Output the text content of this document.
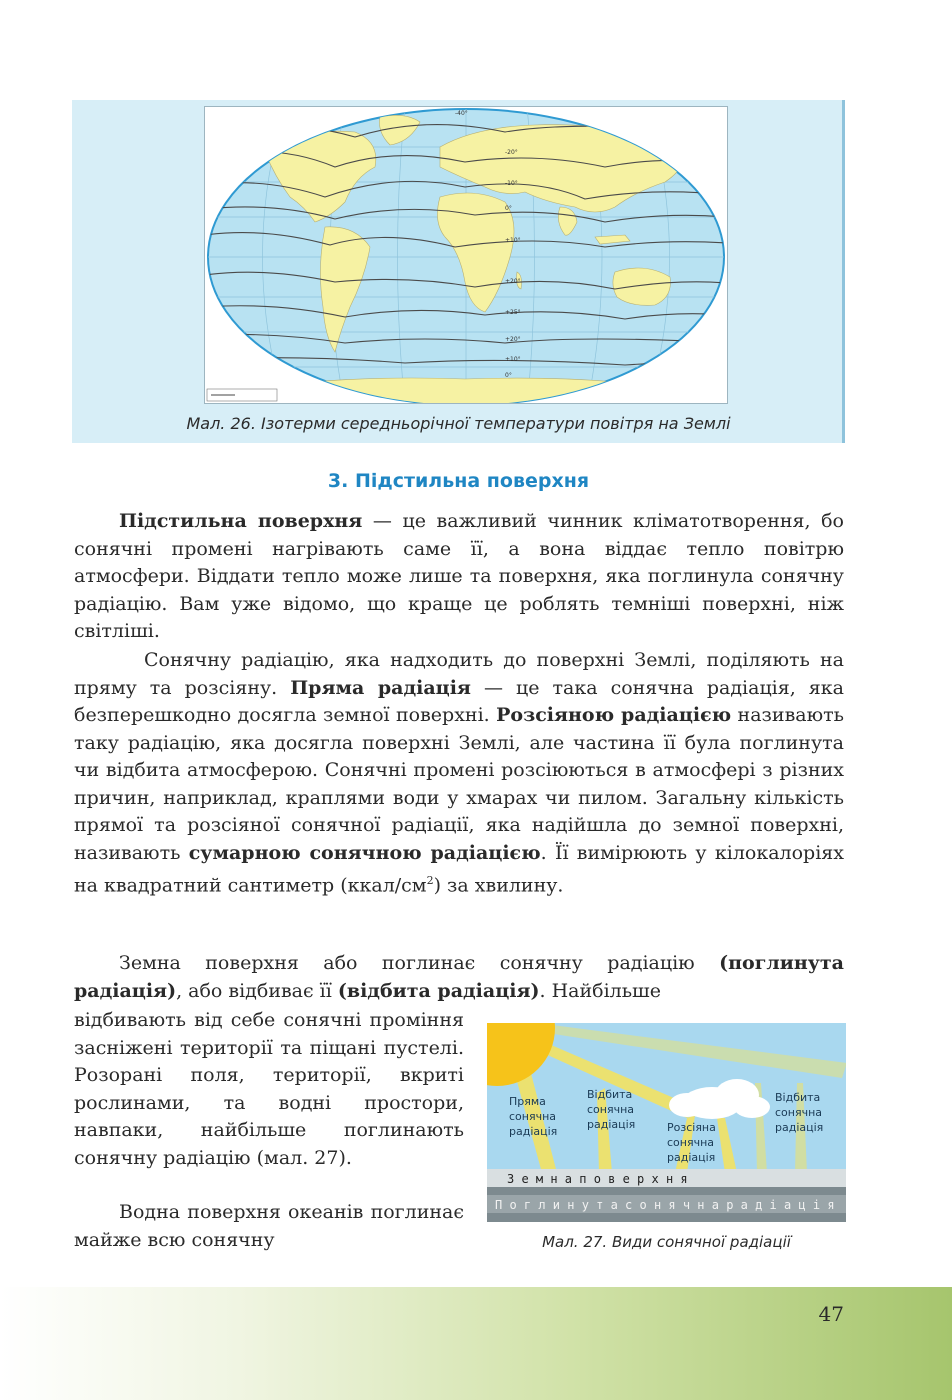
-40°
-20°
-10°
0°
+10°
+20°
+25°
+20°
+10°
0°
Мал. 26. Ізотерми середньорічної температури повітря на Землі
3. Підстильна поверхня
Підстильна поверхня — це важливий чинник кліматотворення, бо сонячні промені нагрівають саме її, а вона віддає тепло повітрю атмосфери. Віддати тепло може лише та поверхня, яка поглинула сонячну радіацію. Вам уже відомо, що краще це роблять темніші поверхні, ніж світліші.
Сонячну радіацію, яка надходить до поверхні Землі, поділяють на пряму та розсіяну. Пряма радіація — це така сонячна радіація, яка безперешкодно досягла земної поверхні. Розсіяною радіацією називають таку радіацію, яка досягла поверхні Землі, але частина її була поглинута чи відбита атмосферою. Сонячні промені розсіюються в атмосфері з різних причин, наприклад, краплями води у хмарах чи пилом. Загальну кількість прямої та розсіяної сонячної радіації, яка надійшла до земної поверхні, називають сумарною сонячною радіацією. Її вимірюють у кілокалоріях на квадратний сантиметр $(ккал/см^2)$ за хвилину.
Земна поверхня або поглинає сонячну радіацію (поглинута радіація), або відбиває її (відбита радіація). Найбільше
відбивають від себе сонячні проміння засніжені території та піщані пустелі. Розорані поля, території, вкриті рослинами, та водні простори, навпаки, найбільше поглинають сонячну радіацію (мал. 27).
Водна поверхня океанів поглинає майже всю сонячну
Пряма
сонячна
радіація
Відбита
сонячна
радіація	Розсіяна
сонячна
радіація
Відбита
сонячна
радіація
З е м н а п о в е р х н я
П о г л и н у т а с о н я ч н а р а д і а ц і я
Мал. 27. Види сонячної радіації
47
